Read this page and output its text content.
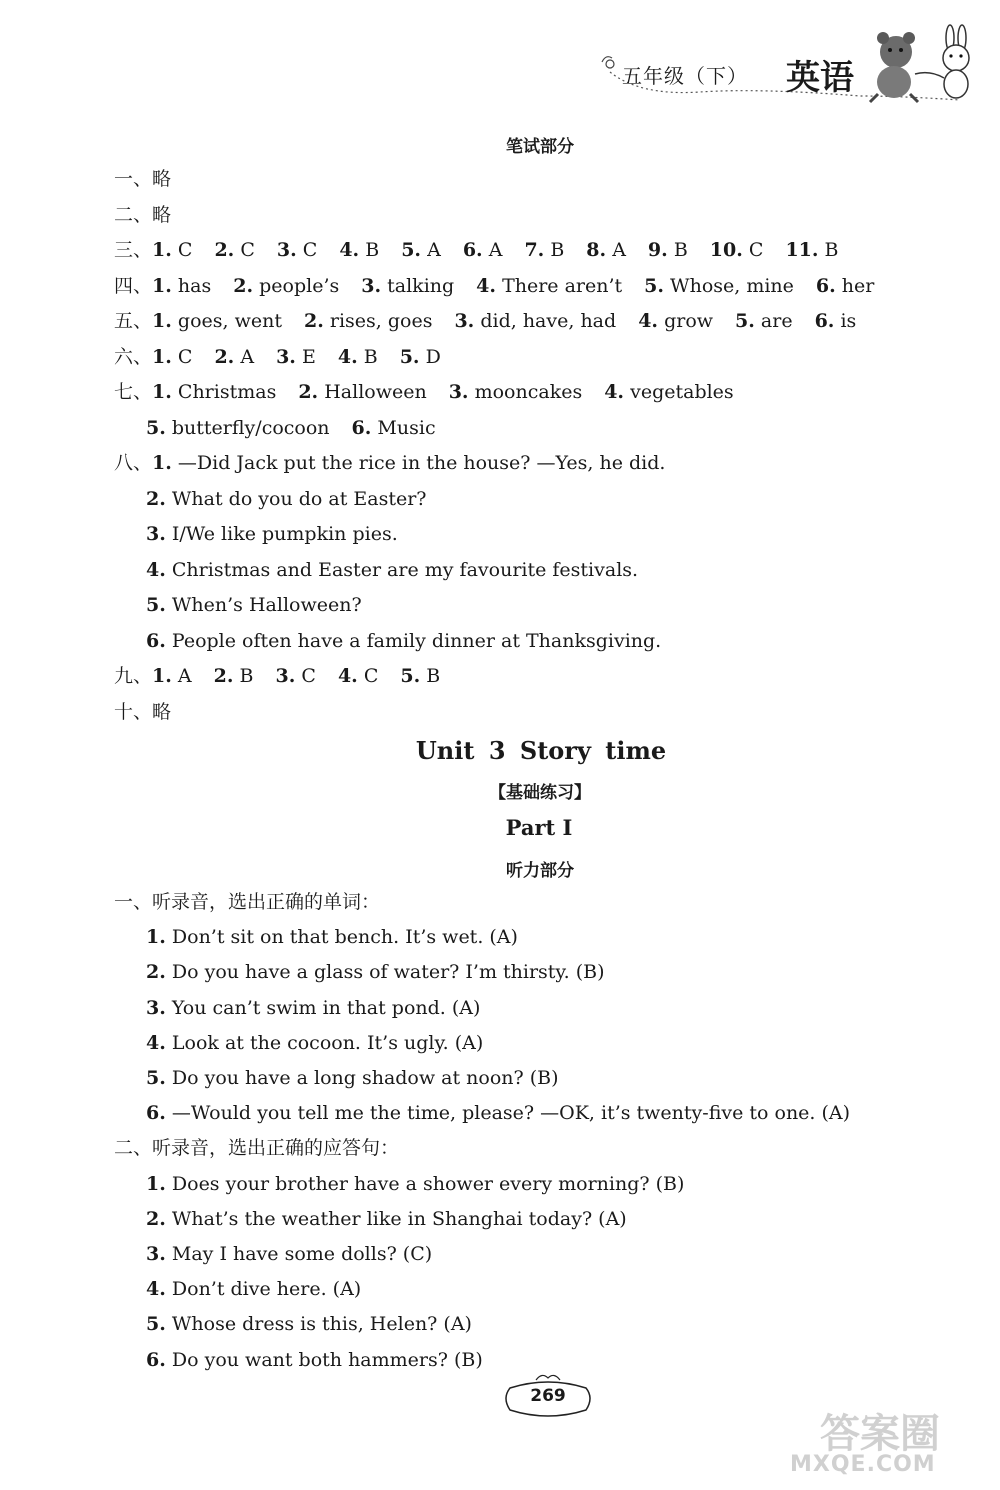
五年级（下） 英语
笔试部分
一、略
二、略
三、1. C 2. C 3. C 4. B 5. A 6. A 7. B 8. A 9. B 10. C 11. B
四、1. has 2. people’s 3. talking 4. There aren’t 5. Whose, mine 6. her
五、1. goes, went 2. rises, goes 3. did, have, had 4. grow 5. are 6. is
六、1. C 2. A 3. E 4. B 5. D
七、1. Christmas 2. Halloween 3. mooncakes 4. vegetables
5. butterfly/cocoon 6. Music
八、1. —Did Jack put the rice in the house? —Yes, he did.
2. What do you do at Easter?
3. I/We like pumpkin pies.
4. Christmas and Easter are my favourite festivals.
5. When’s Halloween?
6. People often have a family dinner at Thanksgiving.
九、1. A 2. B 3. C 4. C 5. B
十、略
Unit 3 Story time
【基础练习】
Part Ⅰ
听力部分
一、听录音，选出正确的单词：
1. Don’t sit on that bench. It’s wet. (A)
2. Do you have a glass of water? I’m thirsty. (B)
3. You can’t swim in that pond. (A)
4. Look at the cocoon. It’s ugly. (A)
5. Do you have a long shadow at noon? (B)
6. —Would you tell me the time, please? —OK, it’s twenty-five to one. (A)
二、听录音，选出正确的应答句：
1. Does your brother have a shower every morning? (B)
2. What’s the weather like in Shanghai today? (A)
3. May I have some dolls? (C)
4. Don’t dive here. (A)
5. Whose dress is this, Helen? (A)
6. Do you want both hammers? (B)
269
答案圈
MXQE.COM
